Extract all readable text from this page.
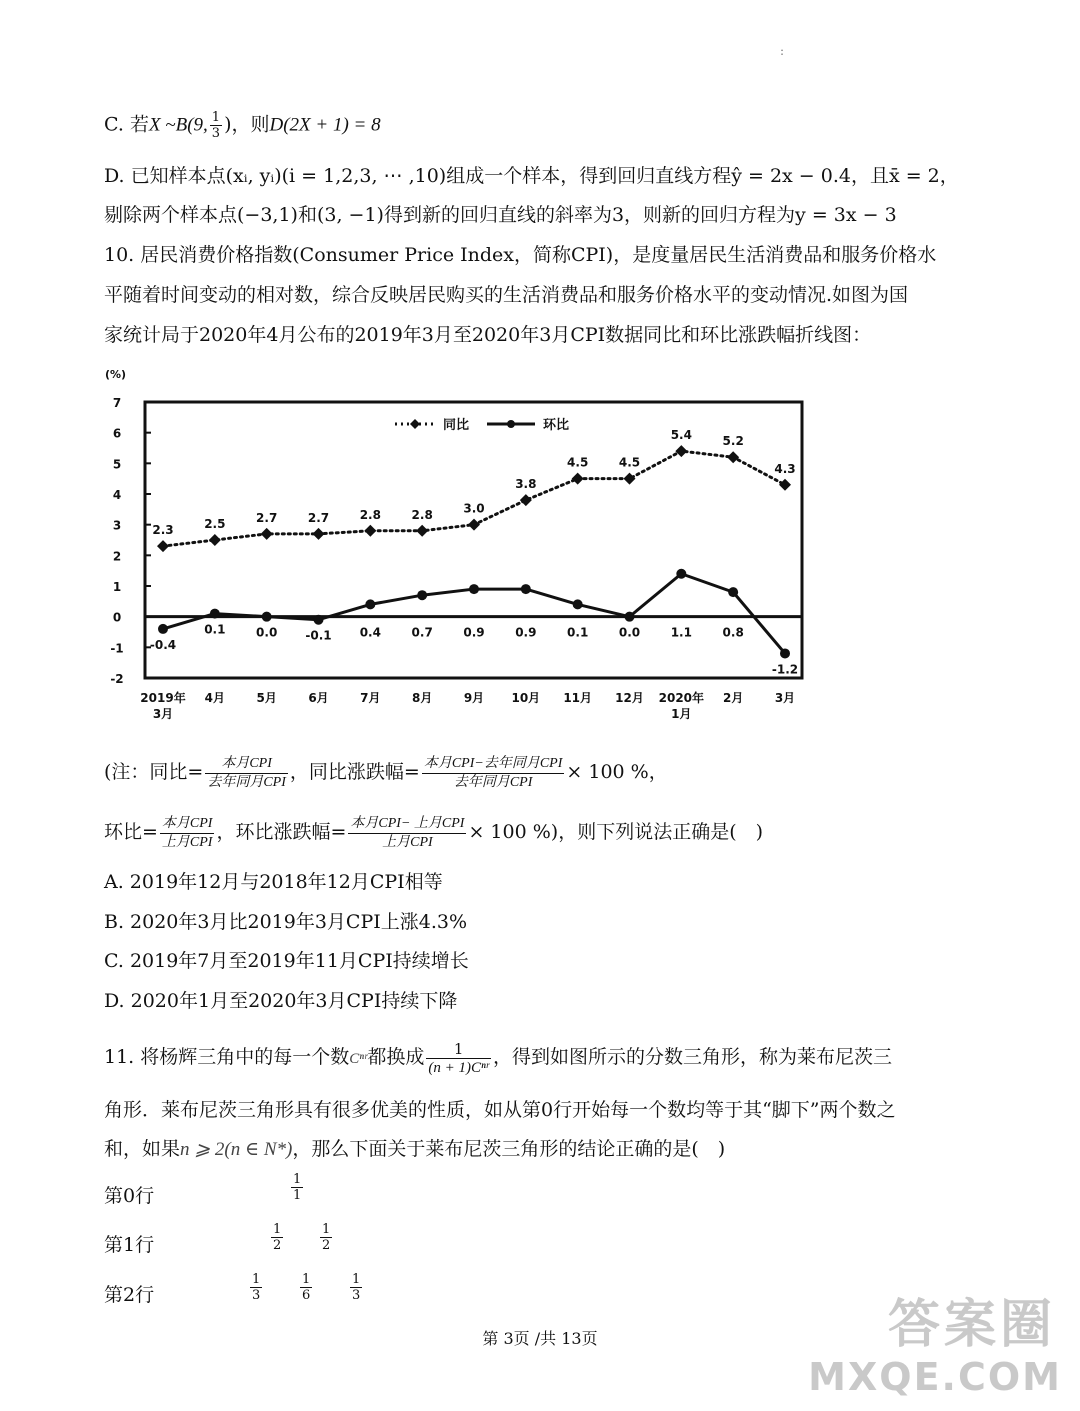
:
C. 若X ~B(9, $\frac{1}{3}$ )，则D(2X + 1) = 8
D. 已知样本点(xᵢ, yᵢ)(i = 1,2,3, ⋯ ,10)组成一个样本，得到回归直线方程ŷ = 2x − 0.4，且x̄ = 2，
剔除两个样本点(−3,1)和(3, −1)得到新的回归直线的斜率为3，则新的回归方程为y = 3x − 3
10. 居民消费价格指数(Consumer Price Index，简称CPI)，是度量居民生活消费品和服务价格水
平随着时间变动的相对数，综合反映居民购买的生活消费品和服务价格水平的变动情况.如图为国
家统计局于2020年4月公布的2019年3月至2020年3月CPI数据同比和环比涨跌幅折线图：
(%)
7
6
5
4
3
2
1
0
-1
-2
2019年
3月
4月	5月	6月	7月	8月	9月 10月 11月 12月 2020年
1月
2月	3月
2.3	2.5	2.7	2.7	2.8	2.8	3.0
3.8
4.5	4.5
5.4	5.2
4.3
-0.4
0.1	0.0 -0.1 0.4	0.7	0.9	0.9	0.1	0.0	1.1	0.8
-1.2
同比	环比
(注：同比= $\frac{\text{本月CPI}}{\text{去年同月CPI}}$ ，同比涨跌幅= $\frac{\text{本月CPI−去年同月CPI}}{\text{去年同月CPI}} \times 100$ %，
环比= $\frac{\text{本月CPI}}{\text{上月CPI}}$ ，环比涨跌幅= $\frac{\text{本月CPI− 上月CPI}}{\text{上月CPI}} \times 100$ %)，则下列说法正确是(　)
A. 2019年12月与2018年12月CPI相等
B. 2020年3月比2019年3月CPI上涨4.3%
C. 2019年7月至2019年11月CPI持续增长
D. 2020年1月至2020年3月CPI持续下降
11. 将杨辉三角中的每一个数Cⁿʳ都换成 $\frac{1}{\text{(n + 1)Cⁿʳ}}$ ，得到如图所示的分数三角形，称为莱布尼茨三
角形．莱布尼茨三角形具有很多优美的性质，如从第0行开始每一个数均等于其“脚下”两个数之
和，如果n ⩾ 2(n ∈ N*)，那么下面关于莱布尼茨三角形的结论正确的是(　)
第0行	$\frac{1}{1}$
第1行	$\frac{1}{2}$	$\frac{1}{2}$
第2行	$\frac{1}{3}$	$\frac{1}{6}$	$\frac{1}{3}$
第 3页 /共 13页	答案圈
MXQE.COM
